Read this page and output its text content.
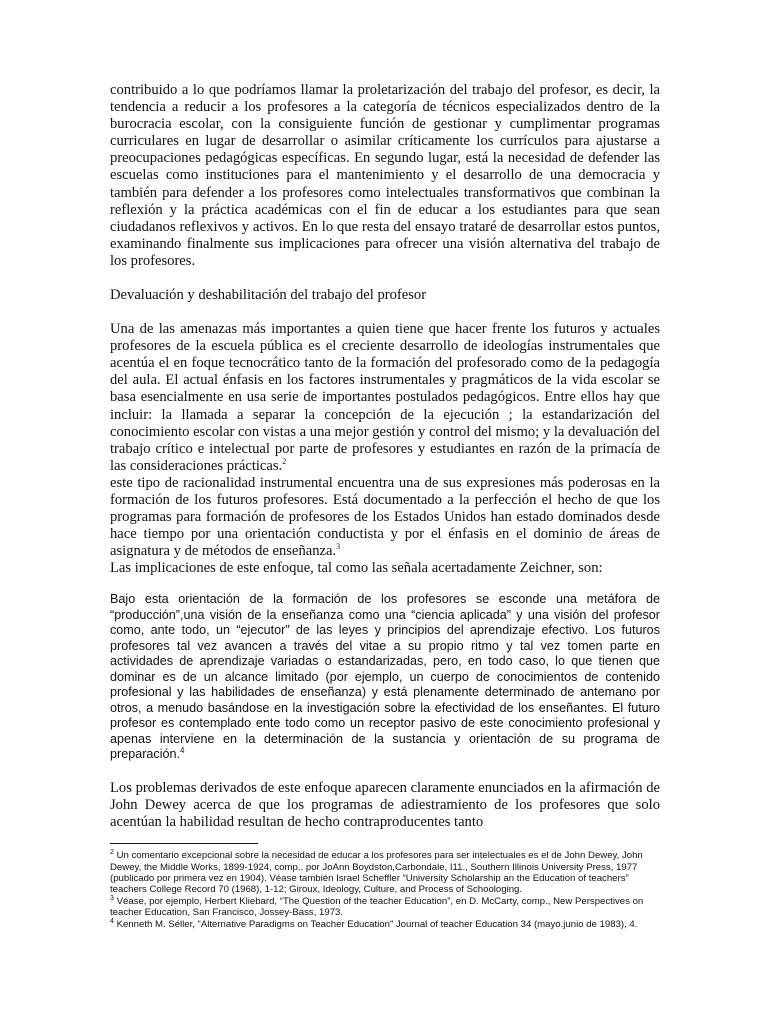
contribuido a lo que podríamos llamar la proletarización del trabajo del profesor, es decir, la tendencia a reducir a los profesores a la categoría de técnicos especializados dentro de la burocracia escolar, con la consiguiente función de gestionar y cumplimentar programas curriculares en lugar de desarrollar o asimilar críticamente los currículos para ajustarse a preocupaciones pedagógicas específicas. En segundo lugar, está la necesidad de defender las escuelas como instituciones para el mantenimiento y el desarrollo de una democracia y también para defender a los profesores como intelectuales transformativos que combinan la reflexión y la práctica académicas con el fin de educar a los estudiantes para que sean ciudadanos reflexivos y activos. En lo que resta del ensayo trataré de desarrollar estos puntos, examinando finalmente sus implicaciones para ofrecer una visión alternativa del trabajo de los profesores.

Devaluación y deshabilitación del trabajo del profesor

Una de las amenazas más importantes a quien tiene que hacer frente los futuros y actuales profesores de la escuela pública es el creciente desarrollo de ideologías instrumentales que acentúa el en foque tecnocrático tanto de la formación del profesorado como de la pedagogía del aula. El actual énfasis en los factores instrumentales y pragmáticos de la vida escolar se basa esencialmente en usa serie de importantes postulados pedagógicos. Entre ellos hay que incluir: la llamada a separar la concepción de la ejecución ; la estandarización del conocimiento escolar con vistas a una mejor gestión y control del mismo; y la devaluación del trabajo crítico e intelectual por parte de profesores y estudiantes en razón de la primacía de las consideraciones prácticas.$^2$

este tipo de racionalidad instrumental encuentra una de sus expresiones más poderosas en la formación de los futuros profesores. Está documentado a la perfección el hecho de que los programas para formación de profesores de los Estados Unidos han estado dominados desde hace tiempo por una orientación conductista y por el énfasis en el dominio de áreas de asignatura y de métodos de enseñanza.$^3$

Las implicaciones de este enfoque, tal como las señala acertadamente Zeichner, son:

Bajo esta orientación de la formación de los profesores se esconde una metáfora de “producción”,una visión de la enseñanza como una “ciencia aplicada” y una visión del profesor como, ante todo, un “ejecutor” de las leyes y principios del aprendizaje efectivo. Los futuros profesores tal vez avancen a través del vitae a su propio ritmo y tal vez tomen parte en actividades de aprendizaje variadas o estandarizadas, pero, en todo caso, lo que tienen que dominar es de un alcance limitado (por ejemplo, un cuerpo de conocimientos de contenido profesional y las habilidades de enseñanza) y está plenamente determinado de antemano por otros, a menudo basándose en la investigación sobre la efectividad de los enseñantes. El futuro profesor es contemplado ente todo como un receptor pasivo de este conocimiento profesional y apenas interviene en la determinación de la sustancia y orientación de su programa de preparación.$^4$

Los problemas derivados de este enfoque aparecen claramente enunciados en la afirmación de John Dewey acerca de que los programas de adiestramiento de los profesores que solo acentúan la habilidad resultan de hecho contraproducentes tanto

$^2$ Un comentario excepcional sobre la necesidad de educar a los profesores para ser intelectuales es el de John Dewey, John Dewey, the Middle Works, 1899-1924, comp.. por JoAnn Boydston,Carbondale, I11., Southern Illinois University Press, 1977 (publicado por primera vez en 1904). Véase también Israel Scheffler “University Scholarship an the Education of teachers” teachers College Record 70 (1968), 1-12; Giroux, Ideology, Culture, and Process of Schoologing.

$^3$ Véase, por ejemplo, Herbert Kliebard, “The Question of the teacher Education”, en D. McCarty, comp., New Perspectives on teacher Education, San Francisco, Jossey-Bass, 1973.

$^4$ Kenneth M. Séller, “Alternative Paradigms on Teacher Education” Journal of teacher Education 34 (mayo.junio de 1983), 4.
